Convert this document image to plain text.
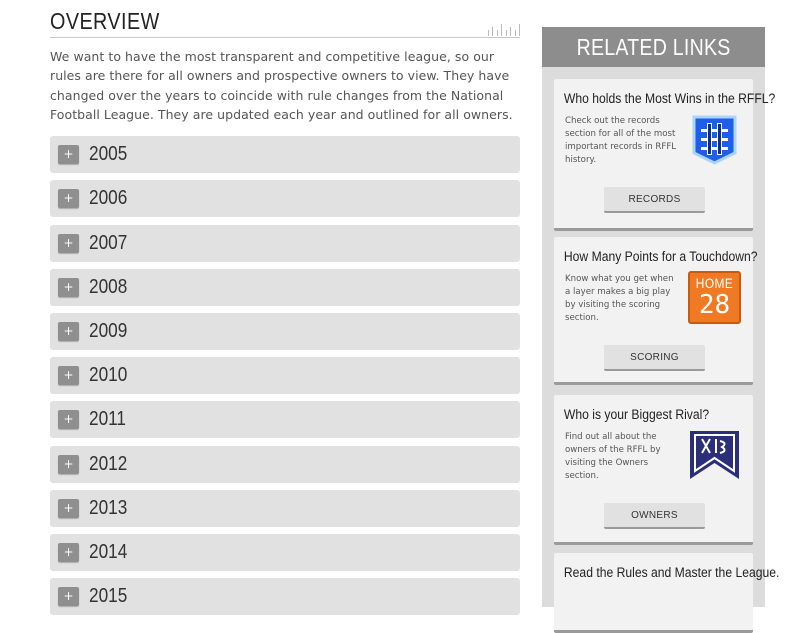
OVERVIEW

We want to have the most transparent and competitive league, so our rules are there for all owners and prospective owners to view. They have changed over the years to coincide with rule changes from the National Football League. They are updated each year and outlined for all owners.

+ 2005
+ 2006
+ 2007
+ 2008
+ 2009
+ 2010
+ 2011
+ 2012
+ 2013
+ 2014
+ 2015
RELATED LINKS
Who holds the Most Wins in the RFFL?

Check out the records section for all of the most important records in RFFL history.

RECORDS
How Many Points for a Touchdown?

Know what you get when a layer makes a big play by visiting the scoring section.

HOME
28
SCORING
Who is your Biggest Rival?

Find out all about the owners of the RFFL by visiting the Owners section.

OWNERS
Read the Rules and Master the League.
